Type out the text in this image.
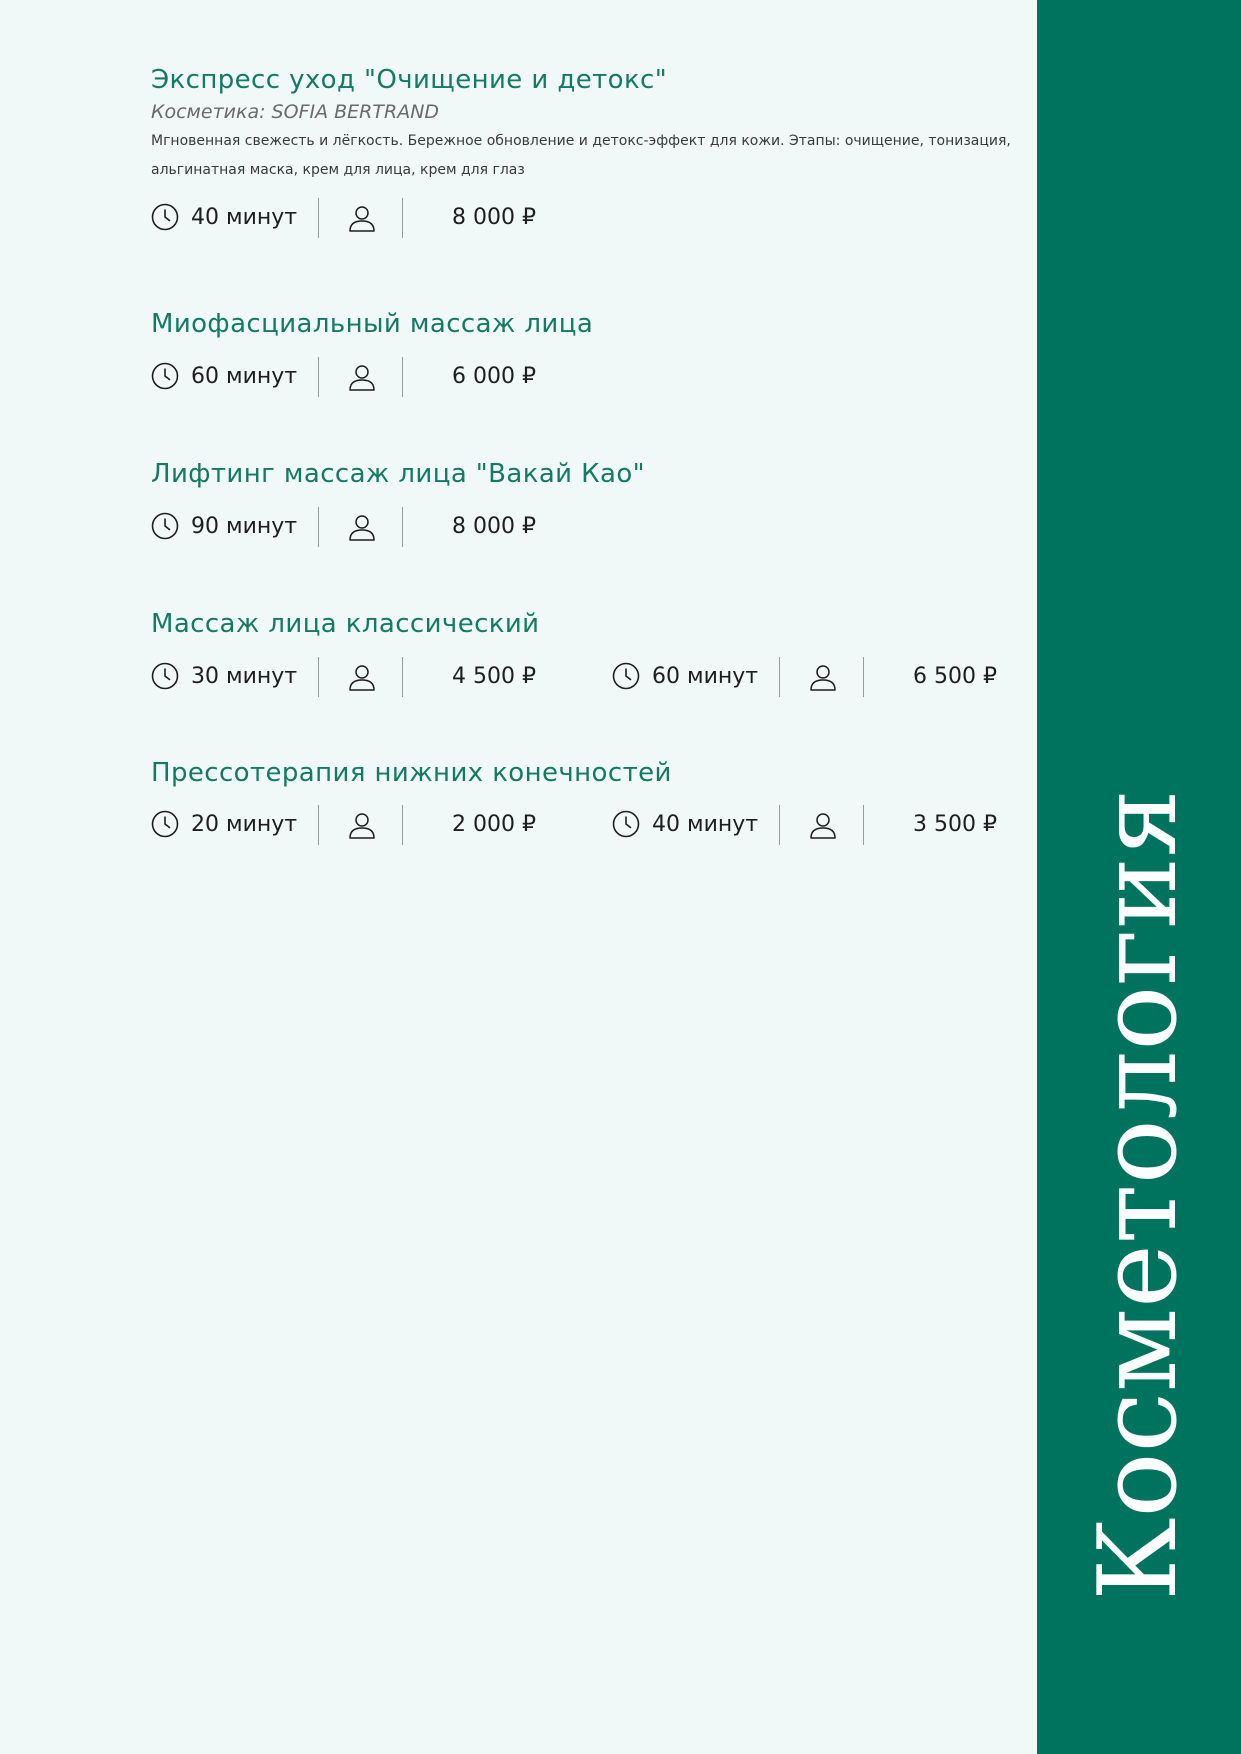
Косметология
Экспресс уход "Очищение и детокс"
Косметика: SOFIA BERTRAND
Мгновенная свежесть и лёгкость. Бережное обновление и детокс-эффект для кожи. Этапы: очищение, тонизация, альгинатная маска, крем для лица, крем для глаз
40 минут	8 000 ₽
Миофасциальный массаж лица
60 минут	6 000 ₽
Лифтинг массаж лица "Вакай Као"
90 минут	8 000 ₽
Массаж лица классический
30 минут	4 500 ₽	60 минут	6 500 ₽
Прессотерапия нижних конечностей
20 минут	2 000 ₽	40 минут	3 500 ₽
